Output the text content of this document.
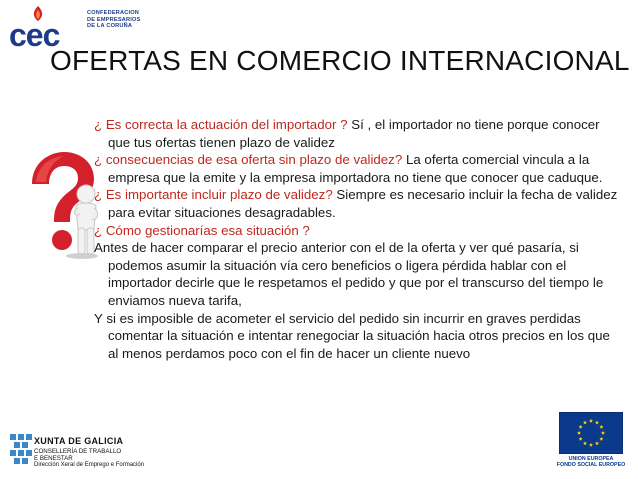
cec
CONFEDERACION
DE EMPRESARIOS
DE LA CORUÑA
OFERTAS EN COMERCIO INTERNACIONAL

¿ Es correcta la actuación del importador ? Sí , el importador no tiene porque conocer que tus ofertas tienen plazo de validez

¿ consecuencias de esa oferta sin plazo de validez? La oferta comercial vincula a la empresa que la emite y la empresa importadora no tiene que conocer que caduque.

¿ Es importante incluir plazo de validez? Siempre es necesario incluir la fecha de validez para evitar situaciones desagradables.

¿ Cómo gestionarías esa situación ?

Antes de hacer comparar el precio anterior con el de la oferta y ver qué pasaría, si podemos asumir la situación vía cero beneficios o ligera pérdida hablar con el importador decirle que le respetamos el pedido y que por el transcurso del tiempo le enviamos nueva tarifa,

Y si es imposible de acometer el servicio del pedido sin incurrir en graves perdidas comentar la situación e intentar renegociar la situación hacia otros precios en los que al menos perdamos poco con el fin de hacer un cliente nuevo

XUNTA DE GALICIA
CONSELLERÍA DE TRABALLO
E BENESTAR
Dirección Xeral de Emprego e Formación
UNION EUROPEA
FONDO SOCIAL EUROPEO
